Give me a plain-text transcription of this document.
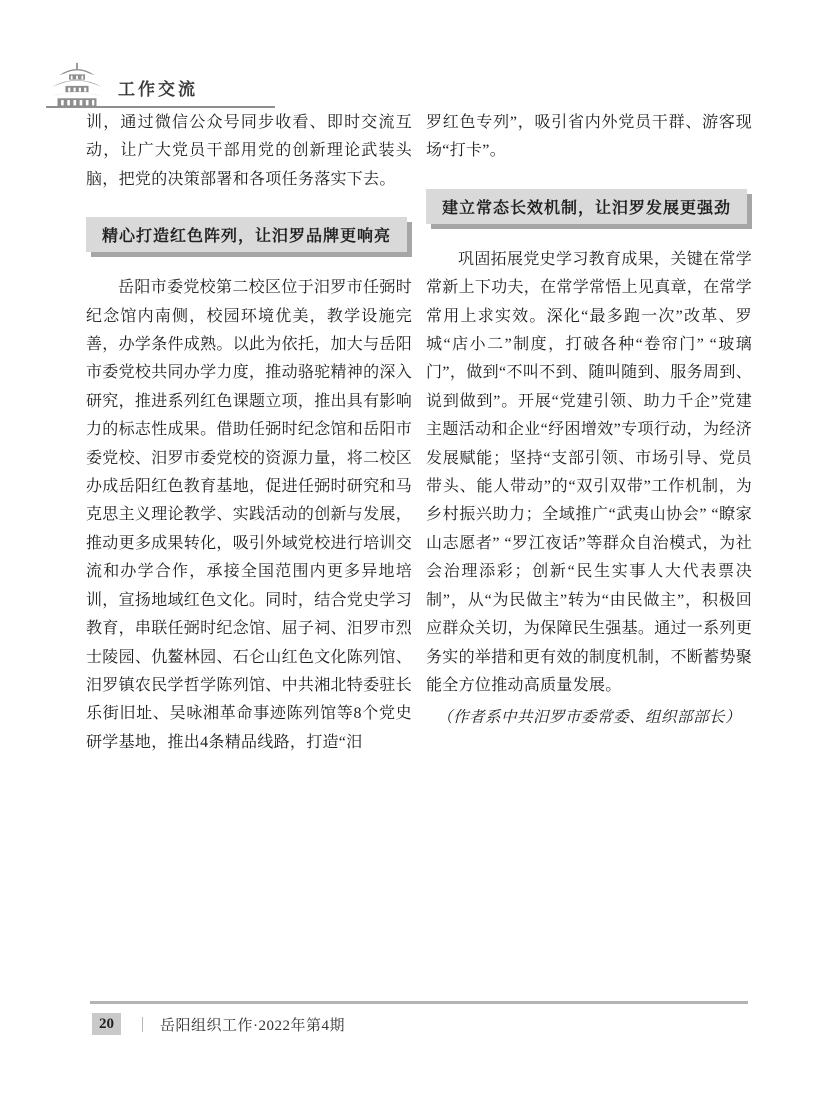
工作交流

训，通过微信公众号同步收看、即时交流互动，让广大党员干部用党的创新理论武装头脑，把党的决策部署和各项任务落实下去。

精心打造红色阵列，让汨罗品牌更响亮

岳阳市委党校第二校区位于汨罗市任弼时纪念馆内南侧，校园环境优美，教学设施完善，办学条件成熟。以此为依托，加大与岳阳市委党校共同办学力度，推动骆驼精神的深入研究，推进系列红色课题立项，推出具有影响力的标志性成果。借助任弼时纪念馆和岳阳市委党校、汨罗市委党校的资源力量，将二校区办成岳阳红色教育基地，促进任弼时研究和马克思主义理论教学、实践活动的创新与发展，推动更多成果转化，吸引外域党校进行培训交流和办学合作，承接全国范围内更多异地培训，宣扬地域红色文化。同时，结合党史学习教育，串联任弼时纪念馆、屈子祠、汨罗市烈士陵园、仇鳌林园、石仑山红色文化陈列馆、汨罗镇农民学哲学陈列馆、中共湘北特委驻长乐街旧址、吴咏湘革命事迹陈列馆等8个党史研学基地，推出4条精品线路，打造“汨

罗红色专列”，吸引省内外党员干群、游客现场“打卡”。

建立常态长效机制，让汨罗发展更强劲

巩固拓展党史学习教育成果，关键在常学常新上下功夫，在常学常悟上见真章，在常学常用上求实效。深化“最多跑一次”改革、罗城“店小二”制度，打破各种“卷帘门” “玻璃门”，做到“不叫不到、随叫随到、服务周到、说到做到”。开展“党建引领、助力千企”党建主题活动和企业“纾困增效”专项行动，为经济发展赋能；坚持“支部引领、市场引导、党员带头、能人带动”的“双引双带”工作机制，为乡村振兴助力；全域推广“武夷山协会” “瞭家山志愿者” “罗江夜话”等群众自治模式，为社会治理添彩；创新“民生实事人大代表票决制”，从“为民做主”转为“由民做主”，积极回应群众关切，为保障民生强基。通过一系列更务实的举措和更有效的制度机制，不断蓄势聚能全方位推动高质量发展。

（作者系中共汨罗市委常委、组织部部长）

20	｜ 岳阳组织工作·2022年第4期
